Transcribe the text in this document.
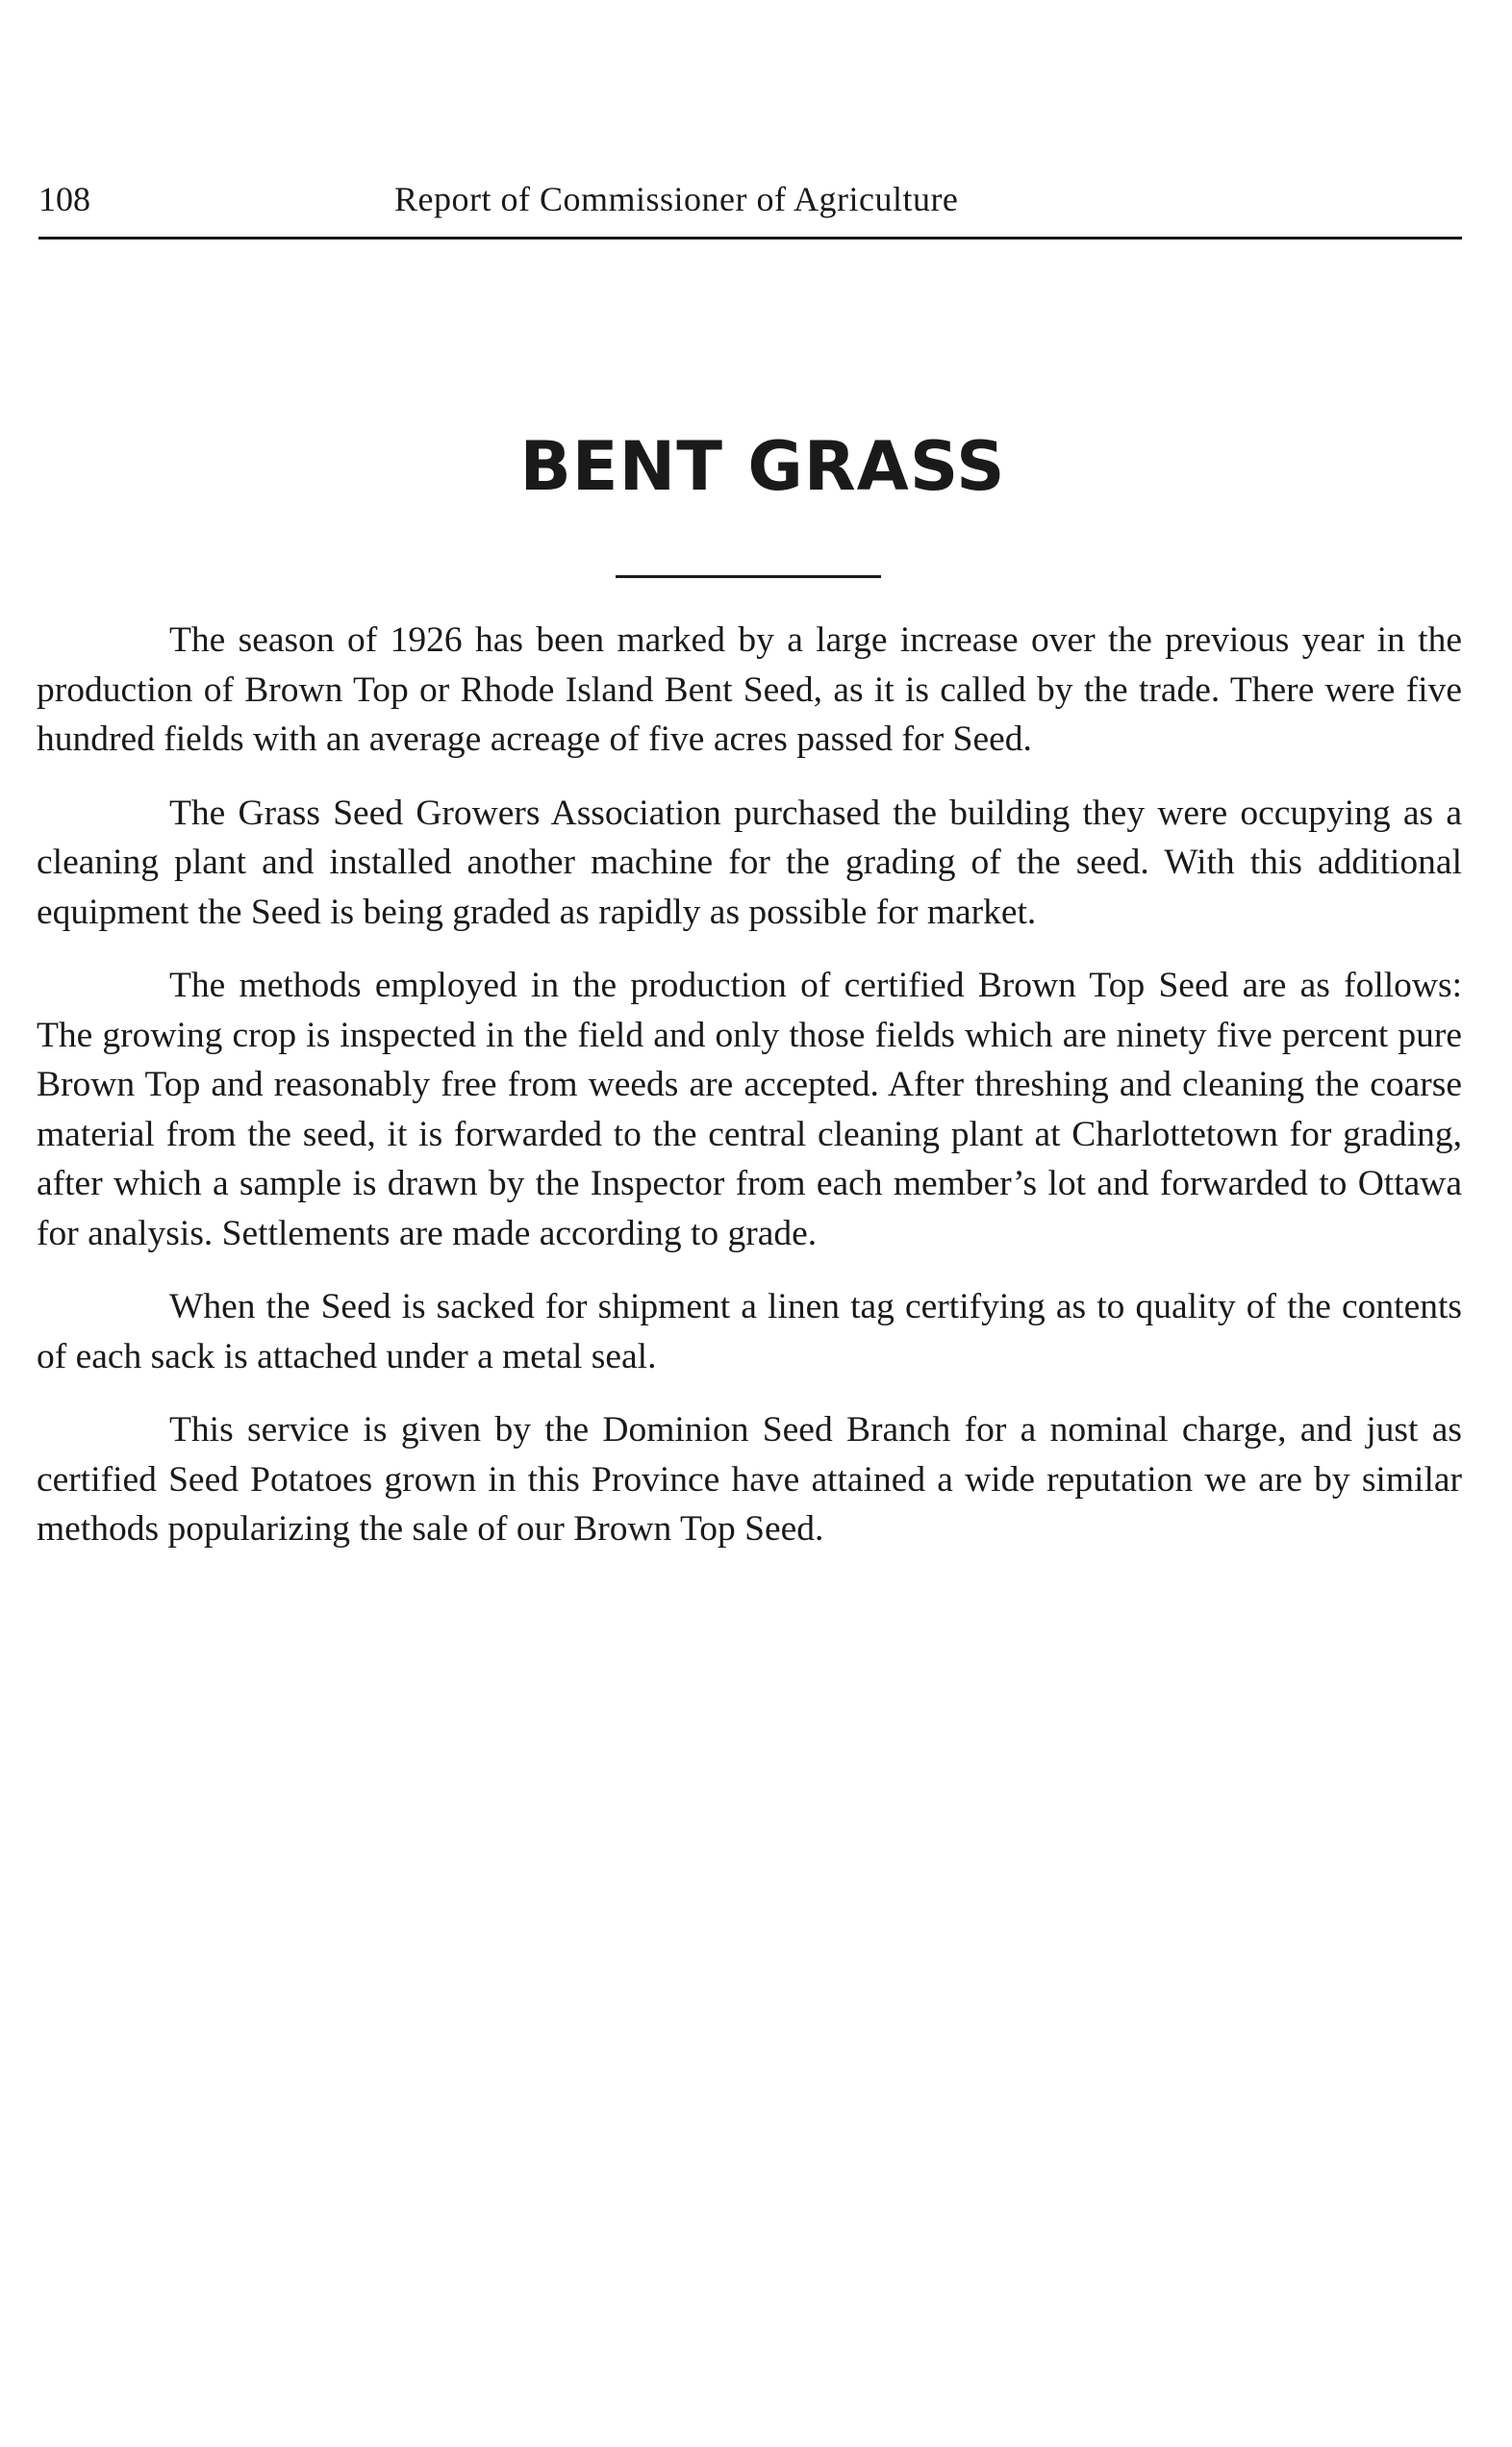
108	Report of Commissioner of Agriculture
BENT GRASS

The season of 1926 has been marked by a large increase over the previous year in the production of Brown Top or Rhode Island Bent Seed, as it is called by the trade. There were five hundred fields with an average acreage of five acres passed for Seed.

The Grass Seed Growers Association purchased the building they were occupying as a cleaning plant and installed another machine for the grading of the seed. With this additional equipment the Seed is being graded as rapidly as possible for market.

The methods employed in the production of certified Brown Top Seed are as follows: The growing crop is inspected in the field and only those fields which are ninety five percent pure Brown Top and reasonably free from weeds are accepted. After threshing and cleaning the coarse material from the seed, it is forwarded to the central cleaning plant at Charlottetown for grading, after which a sample is drawn by the Inspector from each member’s lot and forwarded to Ottawa for analysis. Settlements are made according to grade.

When the Seed is sacked for shipment a linen tag certifying as to quality of the contents of each sack is attached under a metal seal.

This service is given by the Dominion Seed Branch for a nominal charge, and just as certified Seed Potatoes grown in this Province have attained a wide reputation we are by similar methods popularizing the sale of our Brown Top Seed.
